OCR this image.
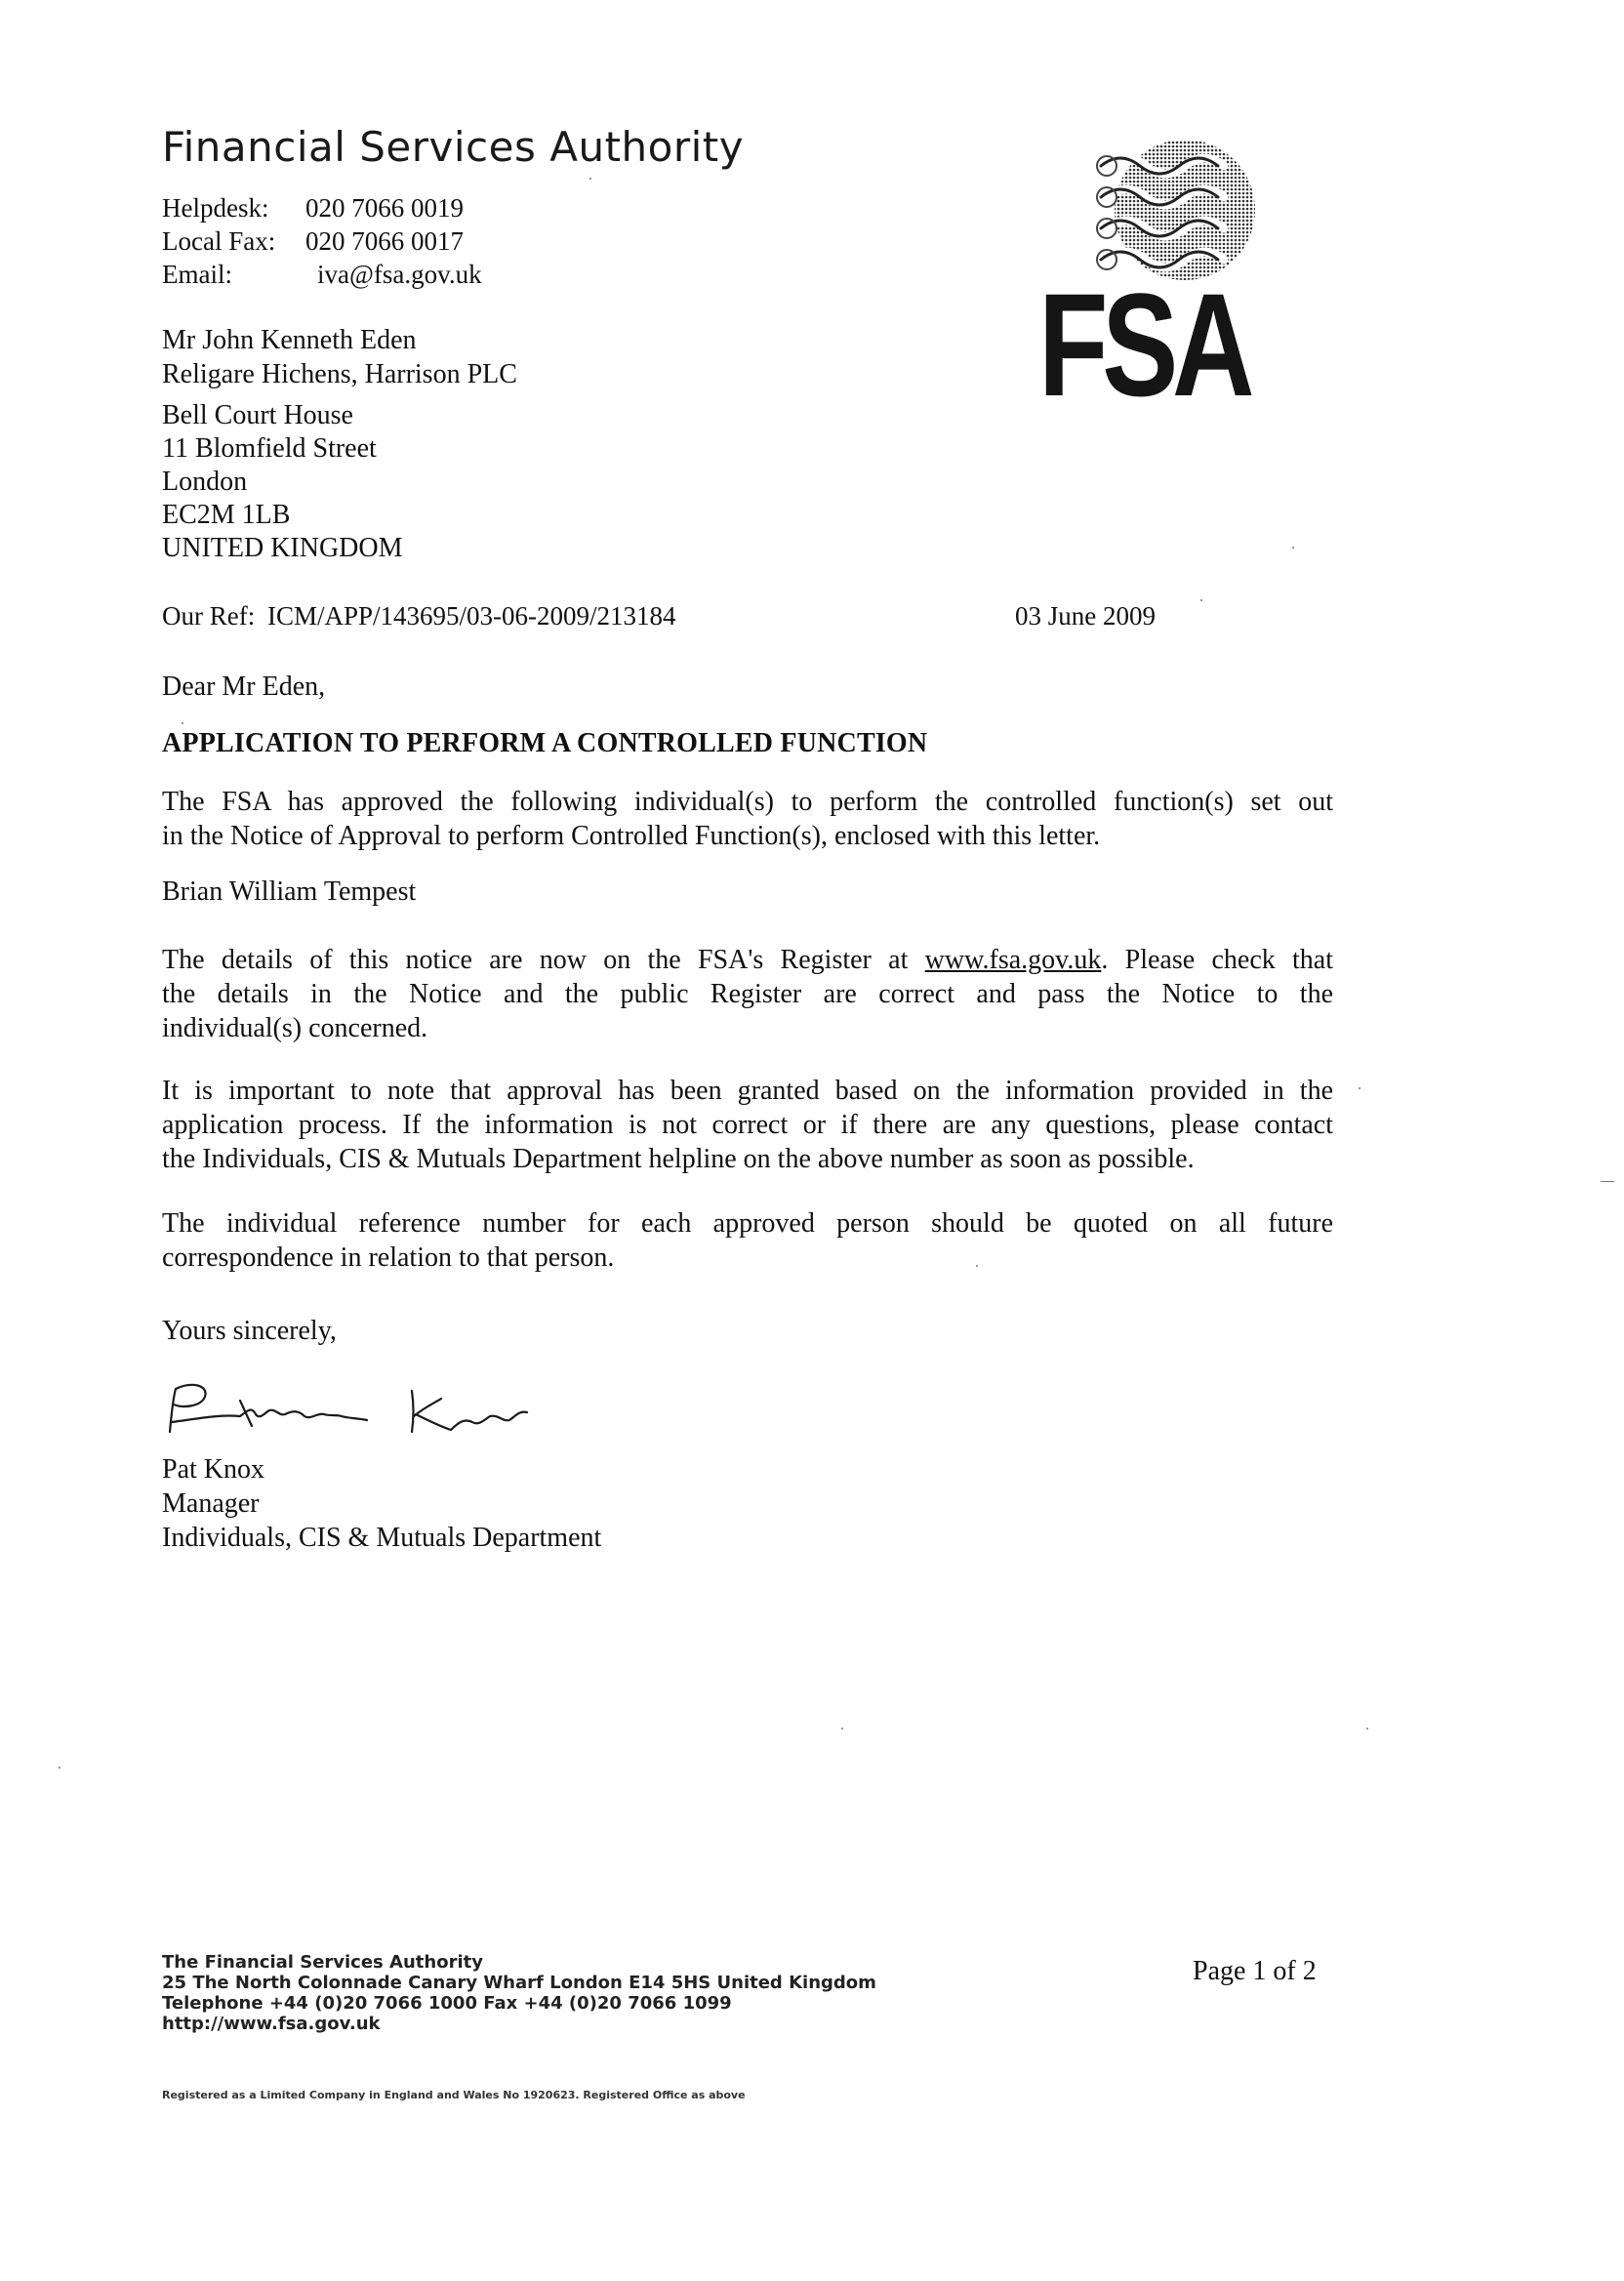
Financial Services Authority
Helpdesk: 020 7066 0019
Local Fax: 020 7066 0017
Email:	iva@fsa.gov.uk	FSA
Mr John Kenneth Eden
Religare Hichens, Harrison PLC
Bell Court House
11 Blomfield Street
London
EC2M 1LB
UNITED KINGDOM
Our Ref: ICM/APP/143695/03-06-2009/213184	03 June 2009
Dear Mr Eden,
APPLICATION TO PERFORM A CONTROLLED FUNCTION

The FSA has approved the following individual(s) to perform the controlled function(s) set out

in the Notice of Approval to perform Controlled Function(s), enclosed with this letter.

Brian William Tempest

The details of this notice are now on the FSA's Register at www.fsa.gov.uk. Please check that

the details in the Notice and the public Register are correct and pass the Notice to the

individual(s) concerned.

It is important to note that approval has been granted based on the information provided in the

application process. If the information is not correct or if there are any questions, please contact

the Individuals, CIS & Mutuals Department helpline on the above number as soon as possible.

The individual reference number for each approved person should be quoted on all future

correspondence in relation to that person.

Yours sincerely,
Pat Knox
Manager
Individuals, CIS & Mutuals Department
The Financial Services Authority
25 The North Colonnade Canary Wharf London E14 5HS United Kingdom
Telephone +44 (0)20 7066 1000 Fax +44 (0)20 7066 1099
http://www.fsa.gov.uk
Registered as a Limited Company in England and Wales No 1920623. Registered Office as above
Page 1 of 2
